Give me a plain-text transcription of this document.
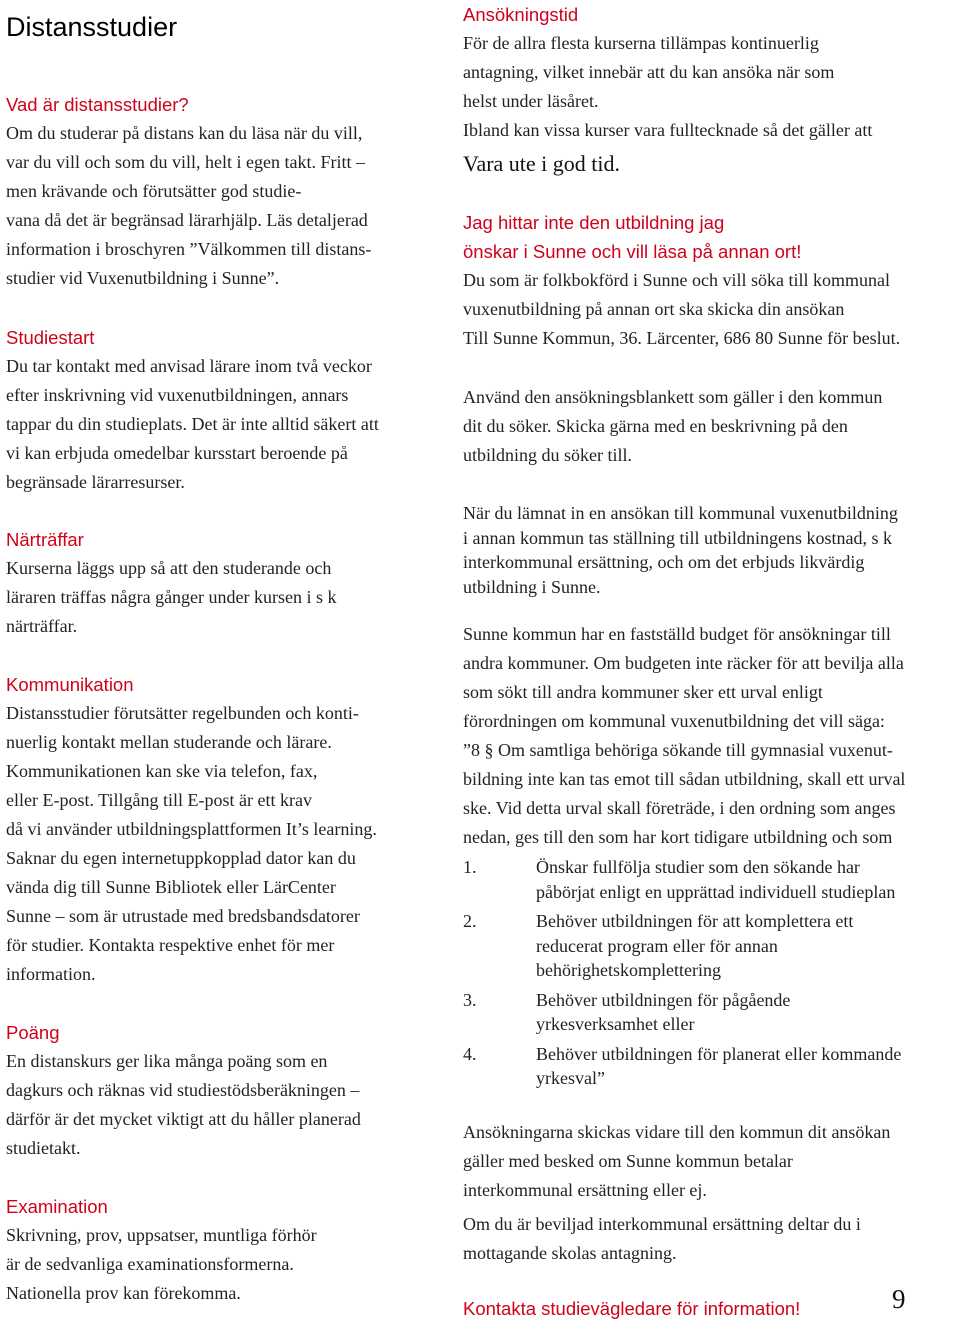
Distansstudier

Vad är distansstudier?

Om du studerar på distans kan du läsa när du vill,

var du vill och som du vill, helt i egen takt. Fritt –

men krävande och förutsätter god studie-

vana då det är begränsad lärarhjälp. Läs detaljerad

information i broschyren ”Välkommen till distans-

studier vid Vuxenutbildning i Sunne”.

Studiestart

Du tar kontakt med anvisad lärare inom två veckor

efter inskrivning vid vuxenutbildningen, annars

tappar du din studieplats. Det är inte alltid säkert att

vi kan erbjuda omedelbar kursstart beroende på

begränsade lärarresurser.

Närträffar

Kurserna läggs upp så att den studerande och

läraren träffas några gånger under kursen i s k

närträffar.

Kommunikation

Distansstudier förutsätter regelbunden och konti-

nuerlig kontakt mellan studerande och lärare.

Kommunikationen kan ske via telefon, fax,

eller E-post. Tillgång till E-post är ett krav

då vi använder utbildningsplattformen It’s learning.

Saknar du egen internetuppkopplad dator kan du

vända dig till Sunne Bibliotek eller LärCenter

Sunne – som är utrustade med bredsbandsdatorer

för studier. Kontakta respektive enhet för mer

information.

Poäng

En distanskurs ger lika många poäng som en

dagkurs och räknas vid studiestödsberäkningen –

därför är det mycket viktigt att du håller planerad

studietakt.

Examination

Skrivning, prov, uppsatser, muntliga förhör

är de sedvanliga examinationsformerna.

Nationella prov kan förekomma.

Ansökningstid

För de allra flesta kurserna tillämpas kontinuerlig

antagning, vilket innebär att du kan ansöka när som

helst under läsåret.

Ibland kan vissa kurser vara fulltecknade så det gäller att

Vara ute i god tid.

Jag hittar inte den utbildning jag

önskar i Sunne och vill läsa på annan ort!

Du som är folkbokförd i Sunne och vill söka till kommunal

vuxenutbildning på annan ort ska skicka din ansökan

Till Sunne Kommun, 36. Lärcenter, 686 80 Sunne för beslut.

Använd den ansökningsblankett som gäller i den kommun

dit du söker. Skicka gärna med en beskrivning på den

utbildning du söker till.

När du lämnat in en ansökan till kommunal vuxenutbildning

i annan kommun tas ställning till utbildningens kostnad, s k

interkommunal ersättning, och om det erbjuds likvärdig

utbildning i Sunne.

Sunne kommun har en fastställd budget för ansökningar till

andra kommuner. Om budgeten inte räcker för att bevilja alla

som sökt till andra kommuner sker ett urval enligt

förordningen om kommunal vuxenutbildning det vill säga:

”8 § Om samtliga behöriga sökande till gymnasial vuxenut-

bildning inte kan tas emot till sådan utbildning, skall ett urval

ske. Vid detta urval skall företräde, i den ordning som anges

nedan, ges till den som har kort tidigare utbildning och som

1.	Önskar fullfölja studier som den sökande har

påbörjat enligt en upprättad individuell studieplan

2.	Behöver utbildningen för att komplettera ett

reducerat program eller för annan

behörighetskomplettering

3.	Behöver utbildningen för pågående

yrkesverksamhet eller

4.	Behöver utbildningen för planerat eller kommande

yrkesval”

Ansökningarna skickas vidare till den kommun dit ansökan

gäller med besked om Sunne kommun betalar

interkommunal ersättning eller ej.

Om du är beviljad interkommunal ersättning deltar du i

mottagande skolas antagning.

Kontakta studievägledare för information!	9
